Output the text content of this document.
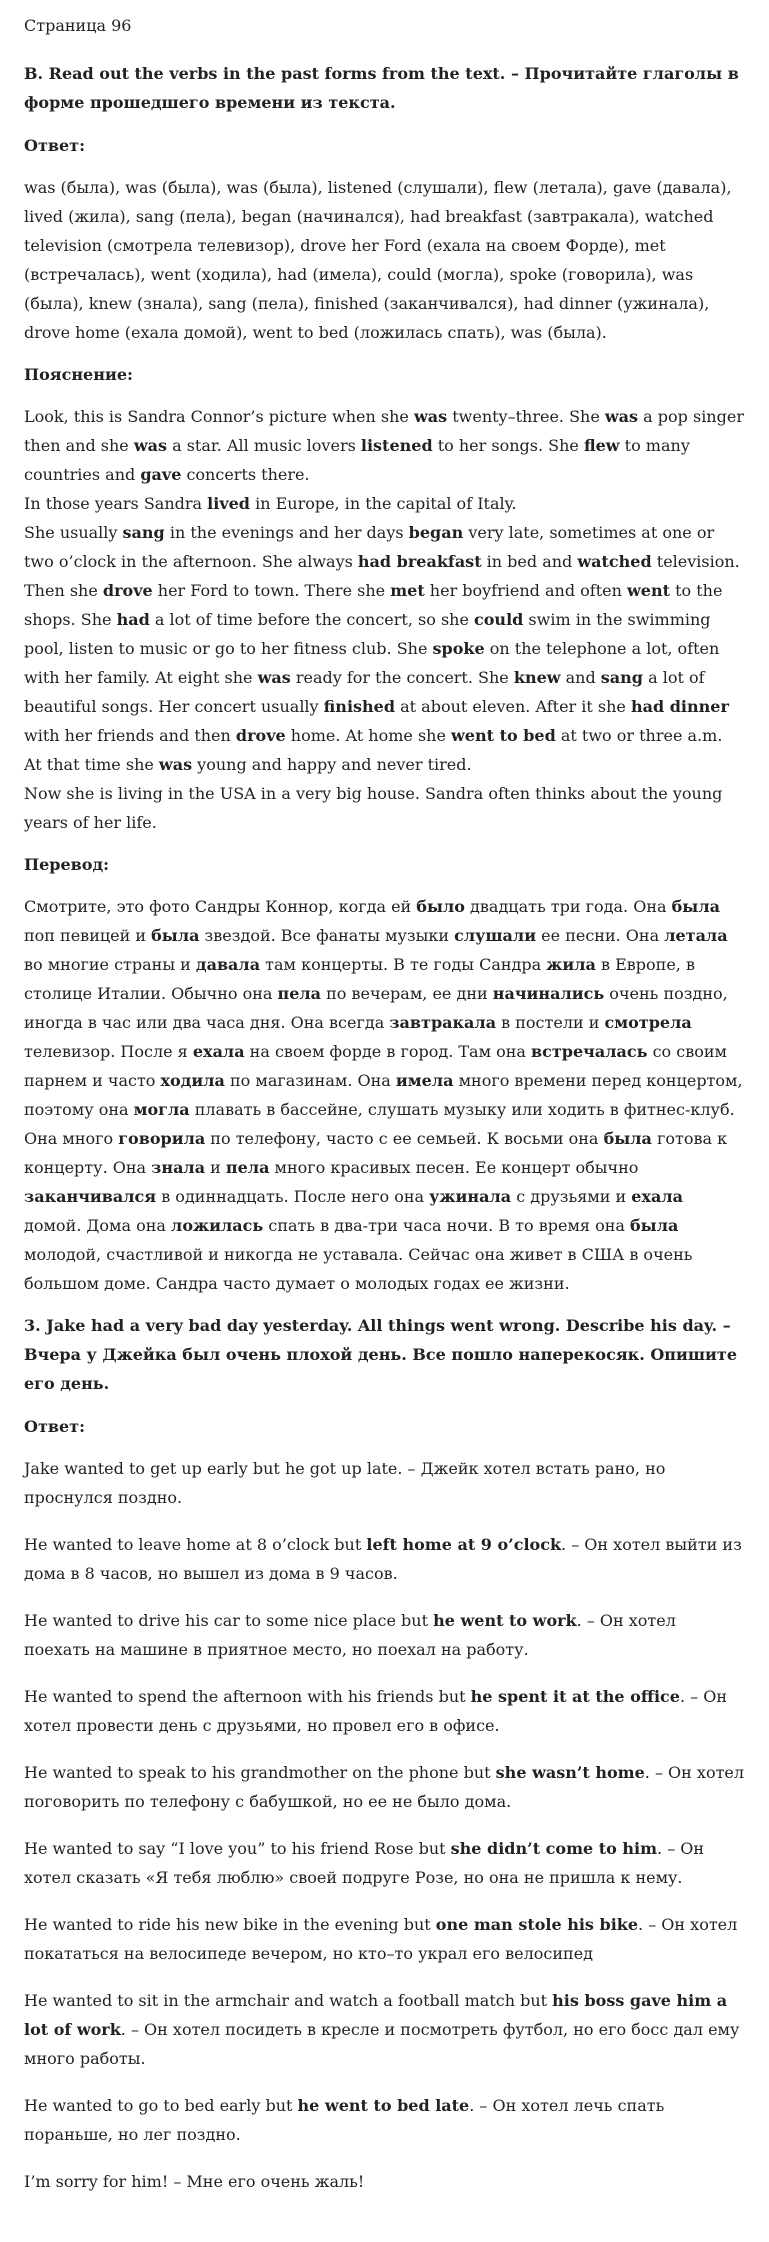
Страница 96
B. Read out the verbs in the past forms from the text. – Прочитайте глаголы в форме прошедшего времени из текста.
Ответ:
was (была), was (была), was (была), listened (слушали), flew (летала), gave (давала), lived (жила), sang (пела), began (начинался), had breakfast (завтракала), watched television (смотрела телевизор), drove her Ford (ехала на своем Форде), met (встречалась), went (ходила), had (имела), could (могла), spoke (говорила), was (была), knew (знала), sang (пела), finished (заканчивался), had dinner (ужинала), drove home (ехала домой), went to bed (ложилась спать), was (была).
Пояснение:

Look, this is Sandra Connor’s picture when she was twenty–three. She was a pop singer then and she was a star. All music lovers listened to her songs. She flew to many countries and gave concerts there.

In those years Sandra lived in Europe, in the capital of Italy.

She usually sang in the evenings and her days began very late, sometimes at one or two o’clock in the afternoon. She always had breakfast in bed and watched television. Then she drove her Ford to town. There she met her boyfriend and often went to the shops. She had a lot of time before the concert, so she could swim in the swimming pool, listen to music or go to her fitness club. She spoke on the telephone a lot, often with her family. At eight she was ready for the concert. She knew and sang a lot of beautiful songs. Her concert usually finished at about eleven. After it she had dinner with her friends and then drove home. At home she went to bed at two or three a.m. At that time she was young and happy and never tired.

Now she is living in the USA in a very big house. Sandra often thinks about the young years of her life.

Перевод:
Смотрите, это фото Сандры Коннор, когда ей было двадцать три года. Она была поп певицей и была звездой. Все фанаты музыки слушали ее песни. Она летала во многие страны и давала там концерты. В те годы Сандра жила в Европе, в столице Италии. Обычно она пела по вечерам, ее дни начинались очень поздно, иногда в час или два часа дня. Она всегда завтракала в постели и смотрела телевизор. После я ехала на своем форде в город. Там она встречалась со своим парнем и часто ходила по магазинам. Она имела много времени перед концертом, поэтому она могла плавать в бассейне, слушать музыку или ходить в фитнес-клуб. Она много говорила по телефону, часто с ее семьей. К восьми она была готова к концерту. Она знала и пела много красивых песен. Ее концерт обычно заканчивался в одиннадцать. После него она ужинала с друзьями и ехала домой. Дома она ложилась спать в два-три часа ночи. В то время она была молодой, счастливой и никогда не уставала. Сейчас она живет в США в очень большом доме. Сандра часто думает о молодых годах ее жизни.
3. Jake had a very bad day yesterday. All things went wrong. Describe his day. – Вчера у Джейка был очень плохой день. Все пошло наперекосяк. Опишите его день.
Ответ:
Jake wanted to get up early but he got up late. – Джейк хотел встать рано, но проснулся поздно.
He wanted to leave home at 8 o’clock but left home at 9 o’clock. – Он хотел выйти из дома в 8 часов, но вышел из дома в 9 часов.
He wanted to drive his car to some nice place but he went to work. – Он хотел поехать на машине в приятное место, но поехал на работу.
He wanted to spend the afternoon with his friends but he spent it at the office. – Он хотел провести день с друзьями, но провел его в офисе.
He wanted to speak to his grandmother on the phone but she wasn’t home. – Он хотел поговорить по телефону с бабушкой, но ее не было дома.
He wanted to say “I love you” to his friend Rose but she didn’t come to him. – Он хотел сказать «Я тебя люблю» своей подруге Розе, но она не пришла к нему.
He wanted to ride his new bike in the evening but one man stole his bike. – Он хотел покататься на велосипеде вечером, но кто–то украл его велосипед
He wanted to sit in the armchair and watch a football match but his boss gave him a lot of work. – Он хотел посидеть в кресле и посмотреть футбол, но его босс дал ему много работы.
He wanted to go to bed early but he went to bed late. – Он хотел лечь спать пораньше, но лег поздно.
I’m sorry for him! – Мне его очень жаль!
